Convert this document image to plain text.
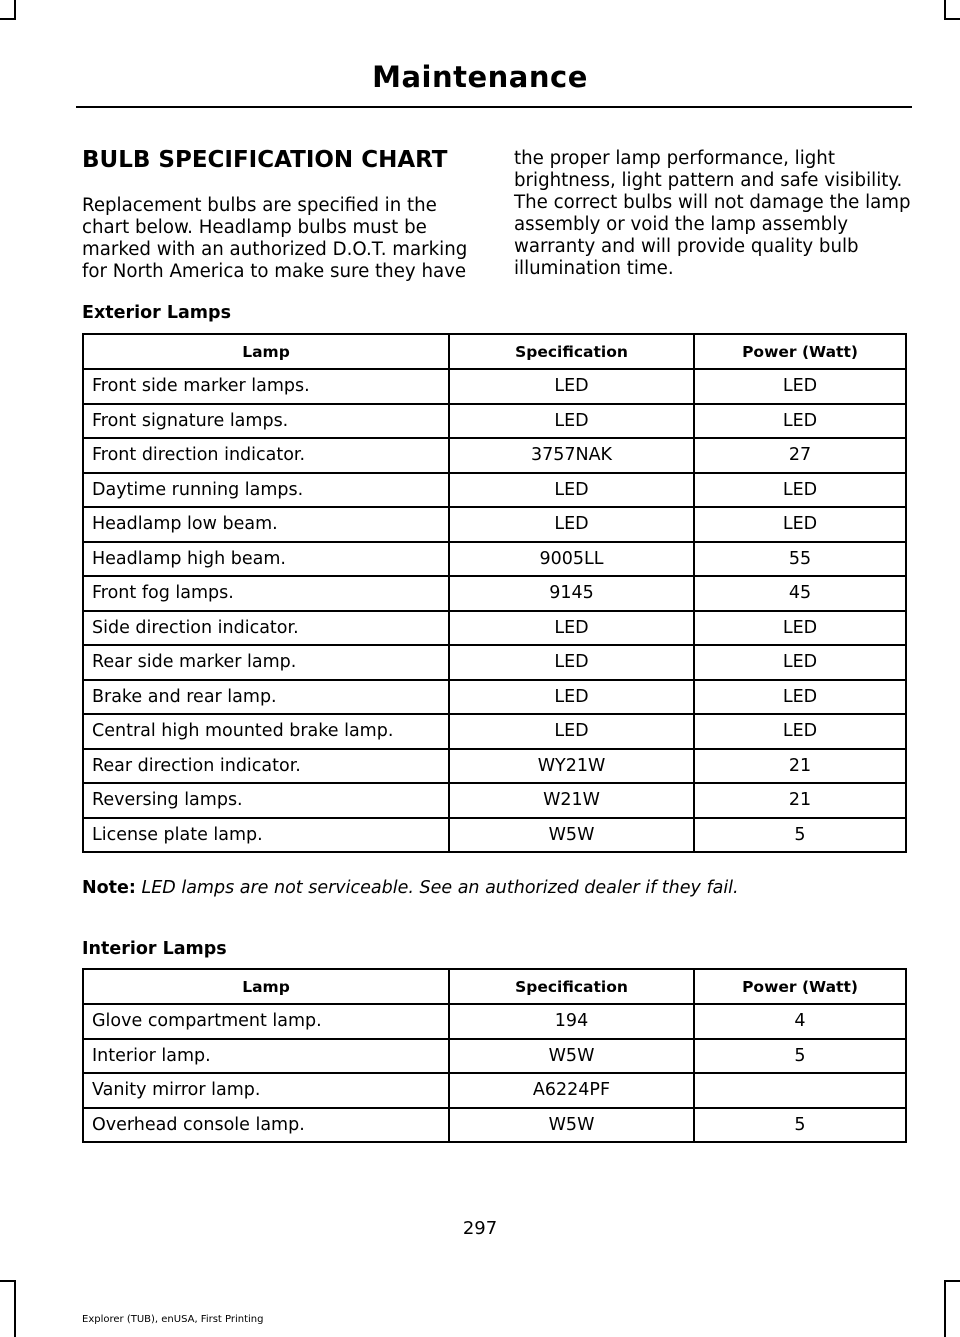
Maintenance
BULB SPECIFICATION CHART
Replacement bulbs are specified in the chart below. Headlamp bulbs must be marked with an authorized D.O.T. marking for North America to make sure they have
the proper lamp performance, light brightness, light pattern and safe visibility. The correct bulbs will not damage the lamp assembly or void the lamp assembly warranty and will provide quality bulb illumination time.
Exterior Lamps
Lamp	Specification	Power (Watt)
Front side marker lamps.	LED	LED
Front signature lamps.	LED	LED
Front direction indicator.	3757NAK	27
Daytime running lamps.	LED	LED
Headlamp low beam.	LED	LED
Headlamp high beam.	9005LL	55
Front fog lamps.	9145	45
Side direction indicator.	LED	LED
Rear side marker lamp.	LED	LED
Brake and rear lamp.	LED	LED
Central high mounted brake lamp.	LED	LED
Rear direction indicator.	WY21W	21
Reversing lamps.	W21W	21
License plate lamp.	W5W	5
Note: LED lamps are not serviceable. See an authorized dealer if they fail.
Interior Lamps
Lamp	Specification	Power (Watt)
Glove compartment lamp.	194	4
Interior lamp.	W5W	5
Vanity mirror lamp.	A6224PF	
Overhead console lamp.	W5W	5
297
Explorer (TUB), enUSA, First Printing
